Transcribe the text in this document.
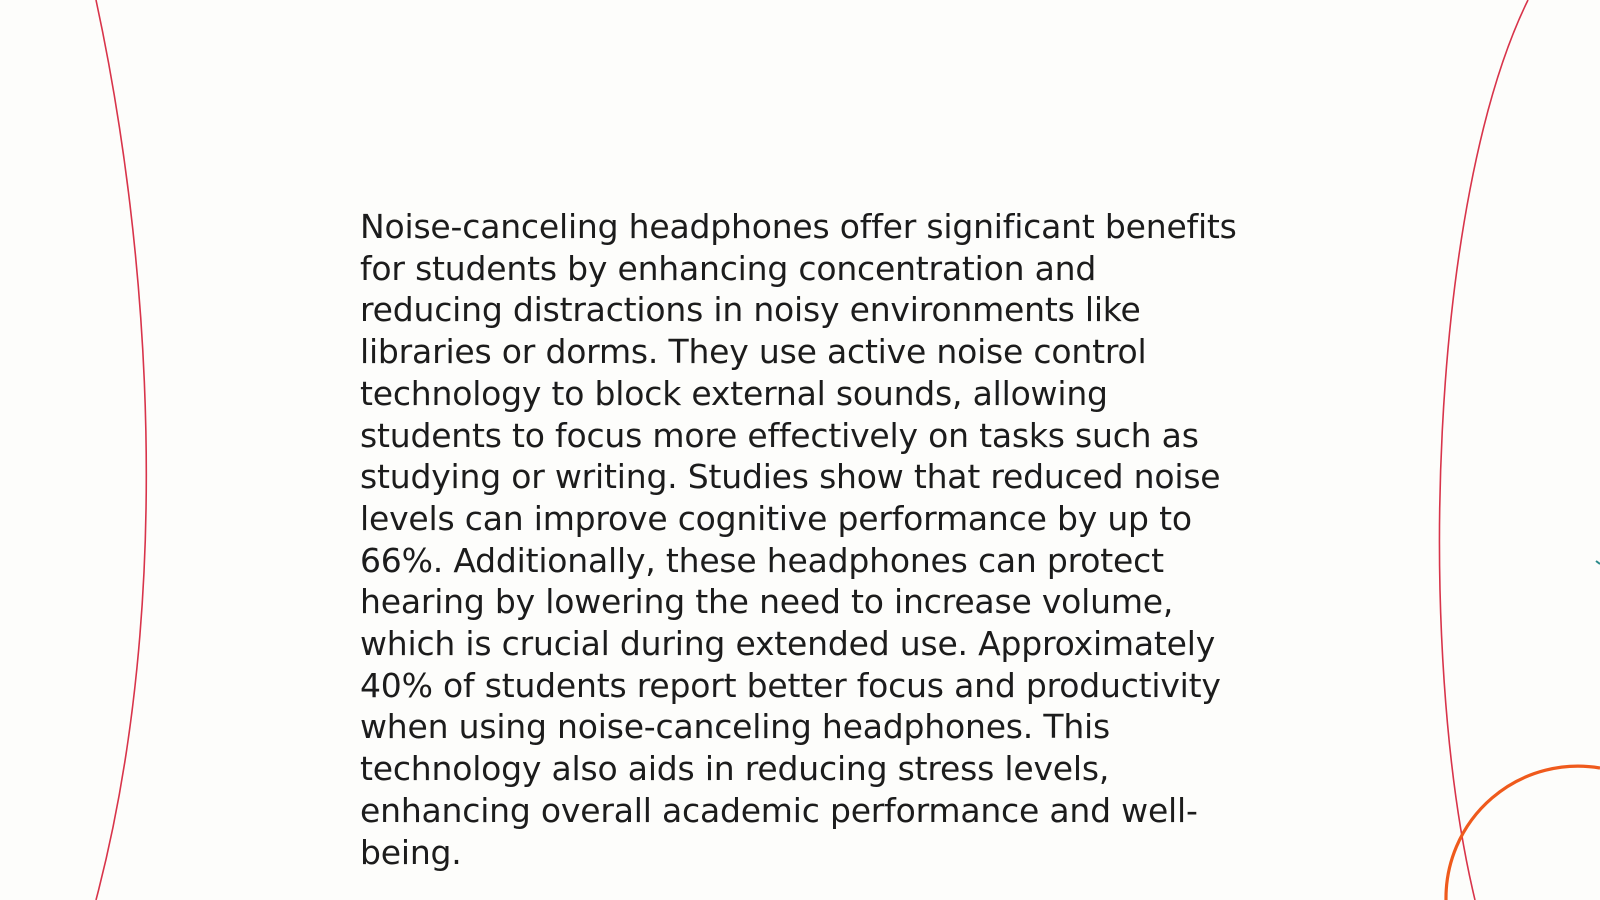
Noise-canceling headphones offer significant benefits
for students by enhancing concentration and
reducing distractions in noisy environments like
libraries or dorms. They use active noise control
technology to block external sounds, allowing
students to focus more effectively on tasks such as
studying or writing. Studies show that reduced noise
levels can improve cognitive performance by up to
66%. Additionally, these headphones can protect
hearing by lowering the need to increase volume,
which is crucial during extended use. Approximately
40% of students report better focus and productivity
when using noise-canceling headphones. This
technology also aids in reducing stress levels,
enhancing overall academic performance and well-
being.
